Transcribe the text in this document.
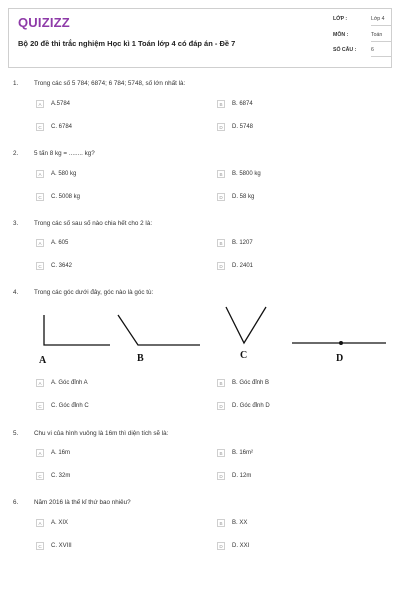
QUIZIZZ
Bộ 20 đề thi trắc nghiệm Học kì 1 Toán lớp 4 có đáp án - Đề 7
LỚP :	Lớp 4
MÔN :	Toán
SỐ CÂU :	6
1. Trong các số 5 784; 6874; 6 784; 5748, số lớn nhất là:
A	A.5784	B	B. 6874
C	C. 6784	D	D. 5748
2. 5 tấn 8 kg = ........ kg?
A	A. 580 kg	B	B. 5800 kg
C	C. 5008 kg	D	D. 58 kg
3. Trong các số sau số nào chia hết cho 2 là:
A	A. 605	B	B. 1207
C	C. 3642	D	D. 2401
4. Trong các góc dưới đây, góc nào là góc tù:
A	B	C	D
A	A. Góc đỉnh A	B	B. Góc đỉnh B
C	C. Góc đỉnh C	D	D. Góc đỉnh D
5. Chu vi của hình vuông là 16m thì diện tích sẽ là:
A	A. 16m	B	B. 16m²
C	C. 32m	D	D. 12m
6. Năm 2016 là thế kỉ thứ bao nhiêu?
A	A. XIX	B	B. XX
C	C. XVIII	D	D. XXI
